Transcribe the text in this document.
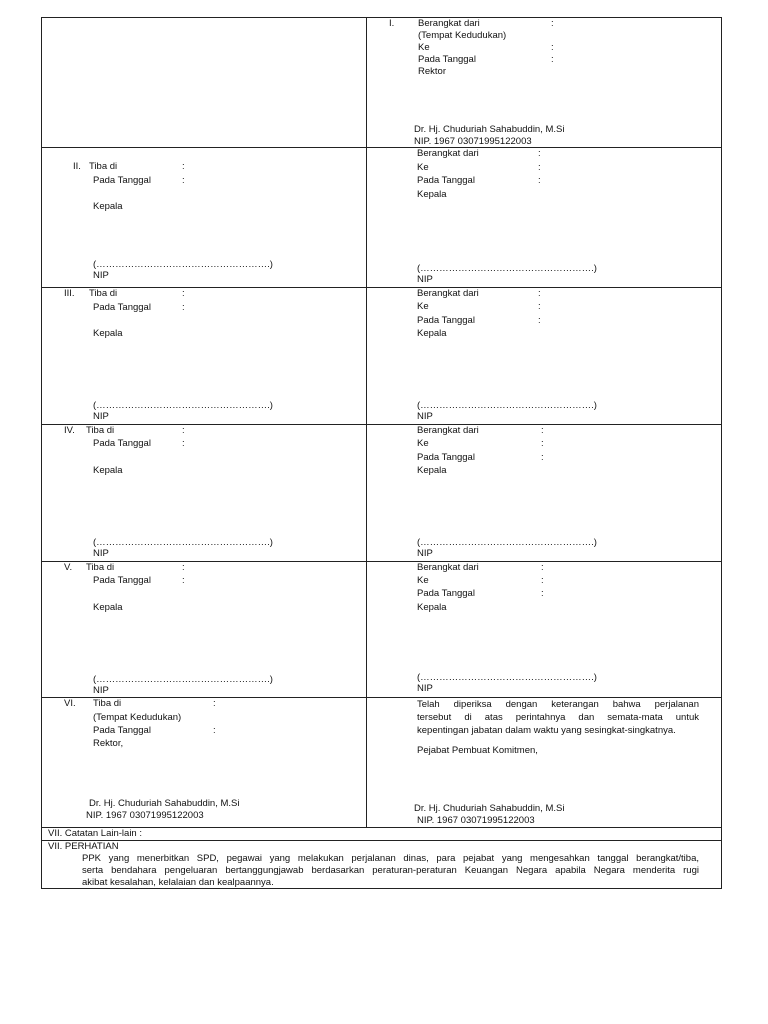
I. Berangkat dari	:
(Tempat Kedudukan)
Ke	:
Pada Tanggal	:
Rektor
Dr. Hj. Chuduriah Sahabuddin, M.Si
NIP. 1967 03071995122003
II. Tiba di	:
Pada Tanggal	:
Kepala
(……………………………………………….)
NIP
Berangkat dari	:
Ke	:
Pada Tanggal	:
Kepala
(……………………………………………….)
NIP
III. Tiba di	:
Pada Tanggal	:
Kepala
(……………………………………………….)
NIP
Berangkat dari	:
Ke	:
Pada Tanggal	:
Kepala
(……………………………………………….)
NIP
IV. Tiba di	:
Pada Tanggal	:
Kepala
(……………………………………………….)
NIP
Berangkat dari	:
Ke	:
Pada Tanggal	:
Kepala
(……………………………………………….)
NIP
V. Tiba di	:
Pada Tanggal	:
Kepala
(……………………………………………….)
NIP
Berangkat dari	:
Ke	:
Pada Tanggal	:
Kepala
(……………………………………………….)
NIP
VI. Tiba di	:
(Tempat Kedudukan)
Pada Tanggal	:
Rektor,
Dr. Hj. Chuduriah Sahabuddin, M.Si
NIP. 1967 03071995122003
Telah diperiksa dengan keterangan bahwa perjalanan
tersebut di atas perintahnya dan semata-mata untuk
kepentingan jabatan dalam waktu yang sesingkat-singkatnya.
Pejabat Pembuat Komitmen,
Dr. Hj. Chuduriah Sahabuddin, M.Si
NIP. 1967 03071995122003
VII. Catatan Lain-lain :
VII. PERHATIAN
PPK yang menerbitkan SPD, pegawai yang melakukan perjalanan dinas, para pejabat yang mengesahkan tanggal berangkat/tiba,
serta bendahara pengeluaran bertanggungjawab berdasarkan peraturan-peraturan Keuangan Negara apabila Negara menderita rugi
akibat kesalahan, kelalaian dan kealpaannya.
